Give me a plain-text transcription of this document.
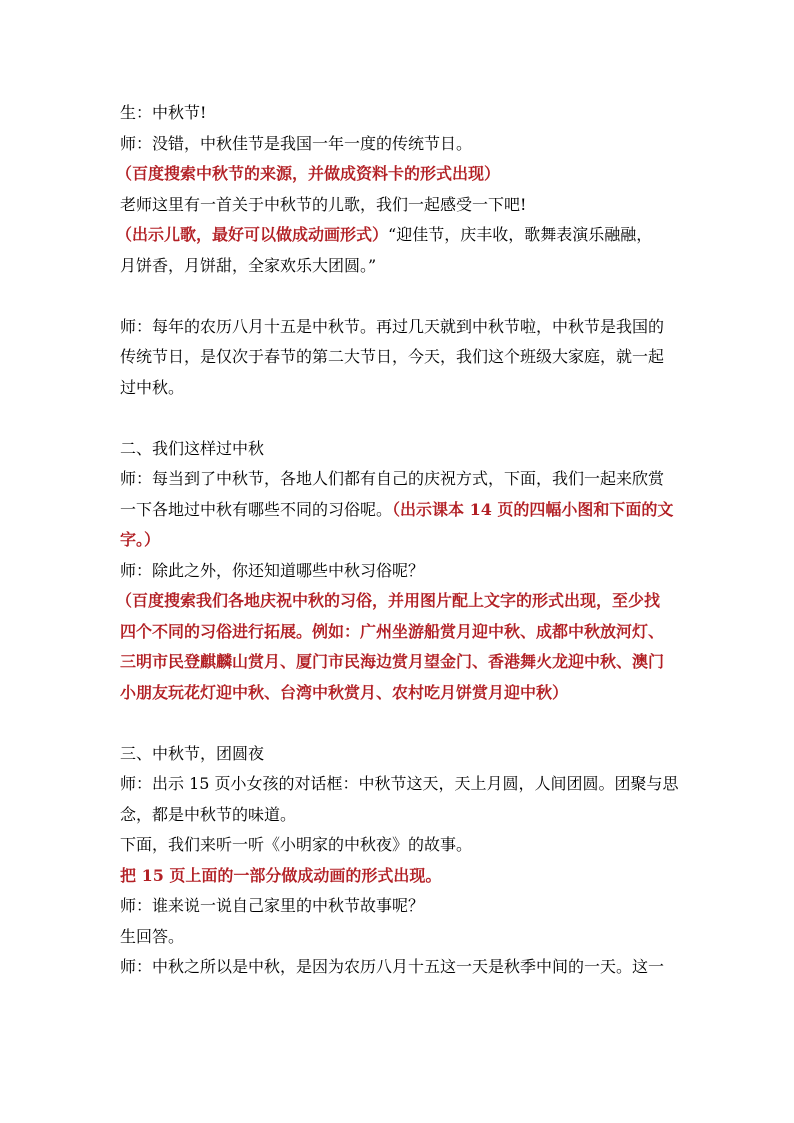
生：中秋节!
师：没错，中秋佳节是我国一年一度的传统节日。
（百度搜索中秋节的来源，并做成资料卡的形式出现）
老师这里有一首关于中秋节的儿歌，我们一起感受一下吧!
（出示儿歌，最好可以做成动画形式）“迎佳节，庆丰收，歌舞表演乐融融，
月饼香，月饼甜，全家欢乐大团圆。”
师：每年的农历八月十五是中秋节。再过几天就到中秋节啦，中秋节是我国的
传统节日，是仅次于春节的第二大节日，今天，我们这个班级大家庭，就一起
过中秋。
二、我们这样过中秋
师：每当到了中秋节，各地人们都有自己的庆祝方式，下面，我们一起来欣赏
一下各地过中秋有哪些不同的习俗呢。（出示课本 14 页的四幅小图和下面的文
字。）
师：除此之外，你还知道哪些中秋习俗呢？
（百度搜索我们各地庆祝中秋的习俗，并用图片配上文字的形式出现，至少找
四个不同的习俗进行拓展。例如：广州坐游船赏月迎中秋、成都中秋放河灯、
三明市民登麒麟山赏月、厦门市民海边赏月望金门、香港舞火龙迎中秋、澳门
小朋友玩花灯迎中秋、台湾中秋赏月、农村吃月饼赏月迎中秋）
三、中秋节，团圆夜
师：出示 15 页小女孩的对话框：中秋节这天，天上月圆，人间团圆。团聚与思
念，都是中秋节的味道。
下面，我们来听一听《小明家的中秋夜》的故事。
把 15 页上面的一部分做成动画的形式出现。
师：谁来说一说自己家里的中秋节故事呢？
生回答。
师：中秋之所以是中秋，是因为农历八月十五这一天是秋季中间的一天。这一
